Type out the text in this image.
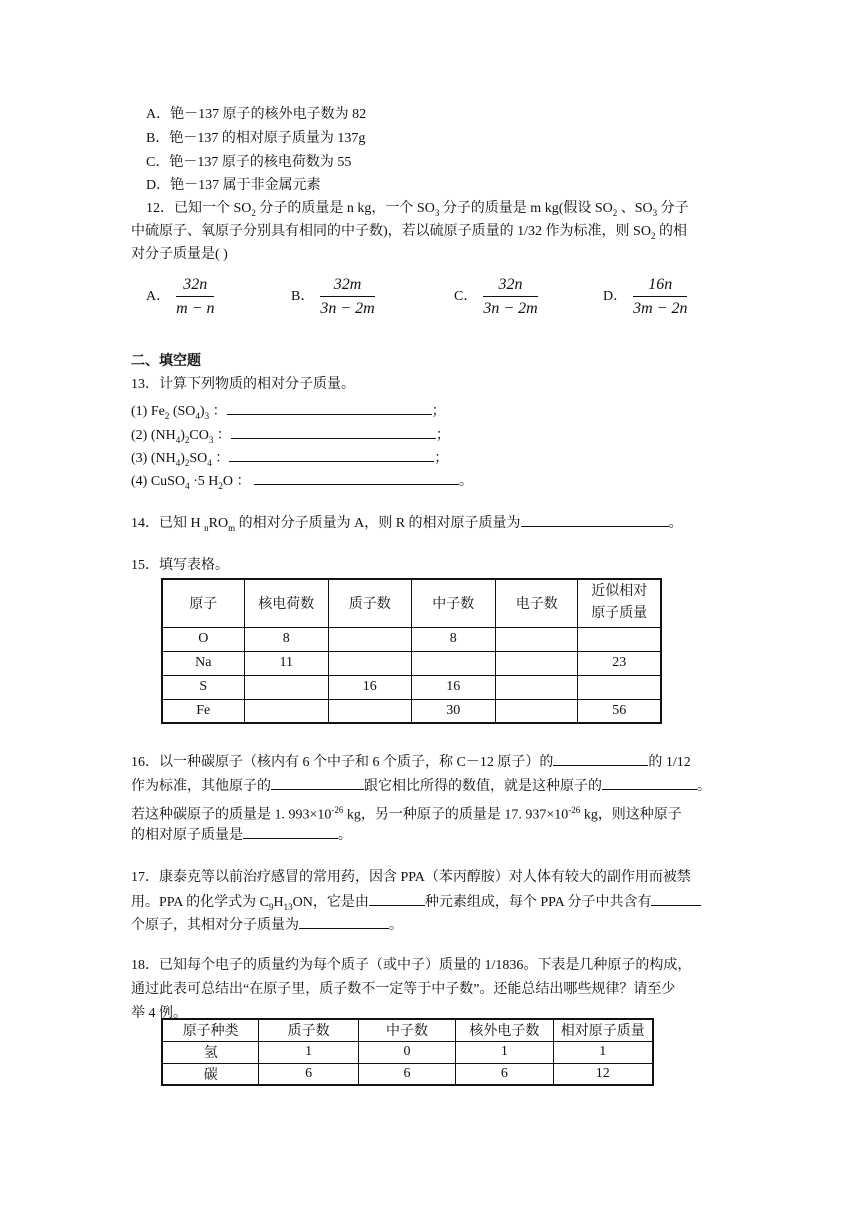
A．铯－137 原子的核外电子数为 82
B．铯－137 的相对原子质量为 137g
C．铯－137 原子的核电荷数为 55
D．铯－137 属于非金属元素
12．已知一个 $SO_2$ 分子的质量是 n kg，一个 $SO_3$ 分子的质量是 m kg(假设 $SO_2$ 、$SO_3$ 分子
中硫原子、氧原子分别具有相同的中子数)，若以硫原子质量的 1/32 作为标准，则 $SO_2$ 的相
对分子质量是( )
A． $\frac{32n}{m - n}$	B． $\frac{32m}{3n - 2m}$	C． $\frac{32n}{3n - 2m}$	D． $\frac{16n}{3m - 2n}$
二、填空题
13．计算下列物质的相对分子质量。
(1) $Fe_2$ $(SO_4)_3$ ：	；
(2) $(NH_4)_2CO_3$ ：	；
(3) $(NH_4)_2SO_4$ ：	；
(4) CuSO$_4$ ·5 $H_2O$ ：	。
14．已知 H $_nRO_m$ 的相对分子质量为 A，则 R 的相对原子质量为	。
15．填写表格。
原子	核电荷数	质子数	中子数	电子数	近似相对
原子质量

O	8		8		
Na	11				23
S		16	16		
Fe			30		56
16．以一种碳原子（核内有 6 个中子和 6 个质子，称 C－12 原子）的	的 1/12
作为标准，其他原子的	跟它相比所得的数值，就是这种原子的	。
若这种碳原子的质量是 1. $993\times 10^{-26}$ kg，另一种原子的质量是 17. $937\times 10^{-26}$ kg，则这种原子
的相对原子质量是	。
17．康泰克等以前治疗感冒的常用药，因含 PPA（苯丙醇胺）对人体有较大的副作用而被禁
用。PPA 的化学式为 $C_9H_{13}ON$，它是由	种元素组成，每个 PPA 分子中共含有
个原子，其相对分子质量为	。
18．已知每个电子的质量约为每个质子（或中子）质量的 1/1836。下表是几种原子的构成，
通过此表可总结出“在原子里，质子数不一定等于中子数”。还能总结出哪些规律？请至少
举 4 例。
原子种类	质子数	中子数	核外电子数	相对原子质量
氢	1	0	1	1
碳	6	6	6	12
